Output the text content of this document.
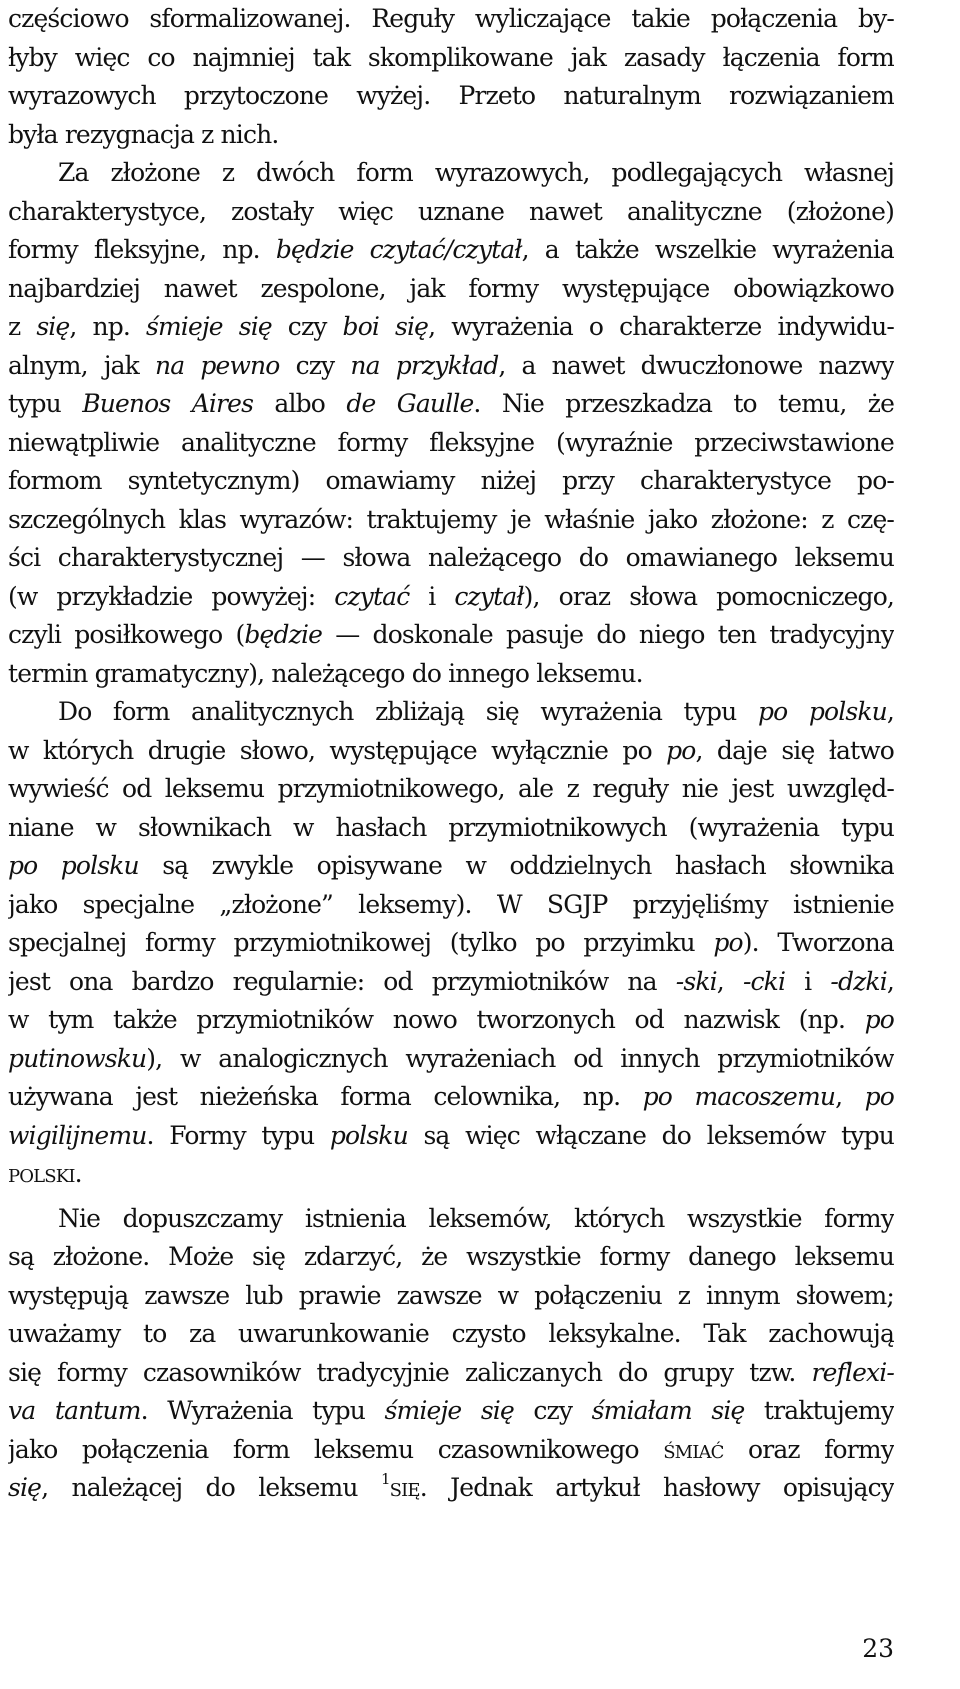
częściowo sformalizowanej. Reguły wyliczające takie połączenia by-
łyby więc co najmniej tak skomplikowane jak zasady łączenia form
wyrazowych przytoczone wyżej. Przeto naturalnym rozwiązaniem
była rezygnacja z nich.
Za złożone z dwóch form wyrazowych, podlegających własnej
charakterystyce, zostały więc uznane nawet analityczne (złożone)
formy fleksyjne, np. będzie czytać/czytał, a także wszelkie wyrażenia
najbardziej nawet zespolone, jak formy występujące obowiązkowo
z się, np. śmieje się czy boi się, wyrażenia o charakterze indywidu-
alnym, jak na pewno czy na przykład, a nawet dwuczłonowe nazwy
typu Buenos Aires albo de Gaulle. Nie przeszkadza to temu, że
niewątpliwie analityczne formy fleksyjne (wyraźnie przeciwstawione
formom syntetycznym) omawiamy niżej przy charakterystyce po-
szczególnych klas wyrazów: traktujemy je właśnie jako złożone: z czę-
ści charakterystycznej — słowa należącego do omawianego leksemu
(w przykładzie powyżej: czytać i czytał), oraz słowa pomocniczego,
czyli posiłkowego (będzie — doskonale pasuje do niego ten tradycyjny
termin gramatyczny), należącego do innego leksemu.
Do form analitycznych zbliżają się wyrażenia typu po polsku,
w których drugie słowo, występujące wyłącznie po po, daje się łatwo
wywieść od leksemu przymiotnikowego, ale z reguły nie jest uwzględ-
niane w słownikach w hasłach przymiotnikowych (wyrażenia typu
po polsku są zwykle opisywane w oddzielnych hasłach słownika
jako specjalne „złożone” leksemy). W SGJP przyjęliśmy istnienie
specjalnej formy przymiotnikowej (tylko po przyimku po). Tworzona
jest ona bardzo regularnie: od przymiotników na -ski, -cki i -dzki,
w tym także przymiotników nowo tworzonych od nazwisk (np. po
putinowsku), w analogicznych wyrażeniach od innych przymiotników
używana jest nieżeńska forma celownika, np. po macoszemu, po
wigilijnemu. Formy typu polsku są więc włączane do leksemów typu
polski.
Nie dopuszczamy istnienia leksemów, których wszystkie formy
są złożone. Może się zdarzyć, że wszystkie formy danego leksemu
występują zawsze lub prawie zawsze w połączeniu z innym słowem;
uważamy to za uwarunkowanie czysto leksykalne. Tak zachowują
się formy czasowników tradycyjnie zaliczanych do grupy tzw. reflexi-
va tantum. Wyrażenia typu śmieje się czy śmiałam się traktujemy
jako połączenia form leksemu czasownikowego śmiać oraz formy
się, należącej do leksemu $^1$się. Jednak artykuł hasłowy opisujący
23
